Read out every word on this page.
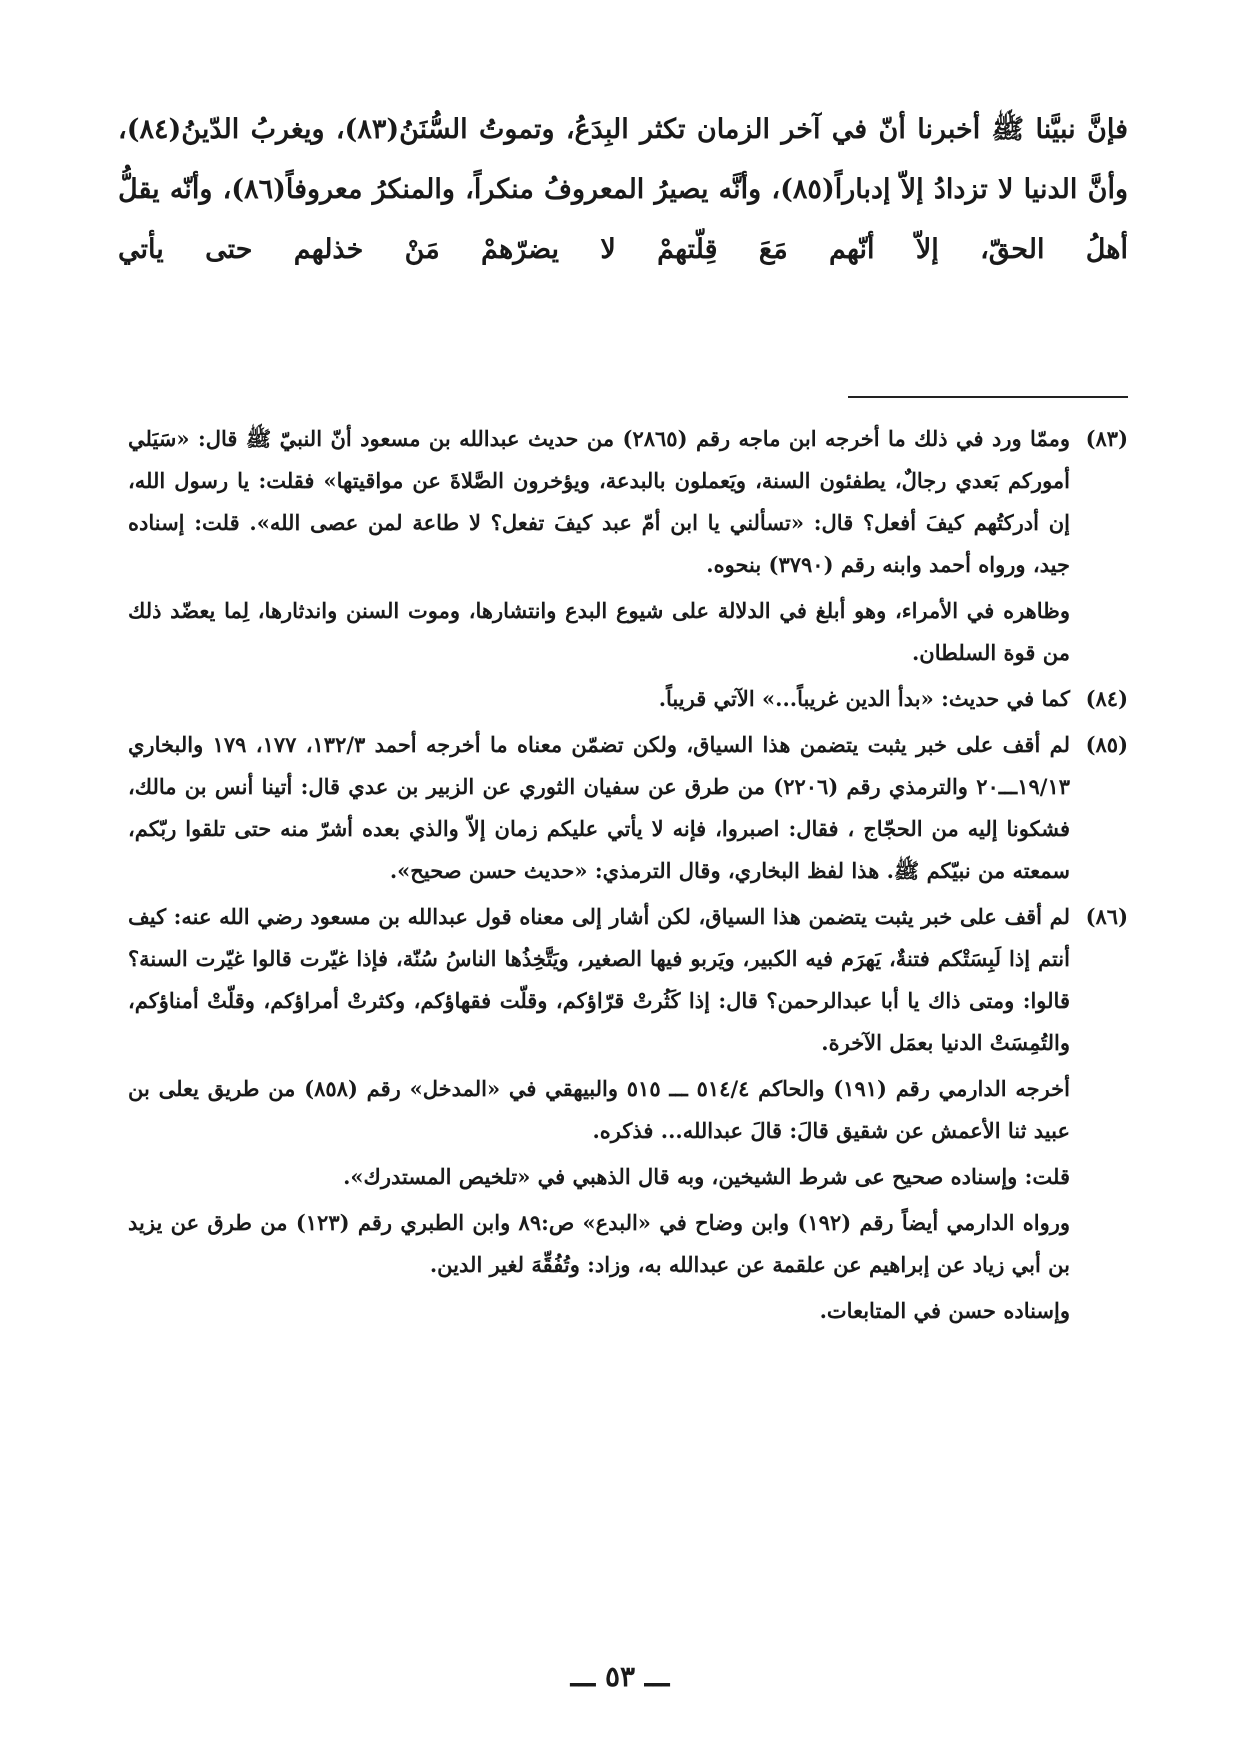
فإنَّ نبيَّنا ﷺ أخبرنا أنّ في آخر الزمان تكثر البِدَعُ، وتموتُ السُّنَنُ(٨٣)، ويغربُ الدّينُ(٨٤)، وأنَّ الدنيا لا تزدادُ إلاّ إدباراً(٨٥)، وأنَّه يصيرُ المعروفُ منكراً، والمنكرُ معروفاً(٨٦)، وأنّه يقلُّ أهلُ الحقّ، إلاّ أنّهم مَعَ قِلّتهمْ لا يضرّهمْ مَنْ خذلهم حتى يأتي

(٨٣)

وممّا ورد في ذلك ما أخرجه ابن ماجه رقم (٢٨٦٥) من حديث عبدالله بن مسعود أنّ النبيّ ﷺ قال: «سَيَلي أموركم بَعدي رجالٌ، يطفئون السنة، ويَعملون بالبدعة، ويؤخرون الصَّلاةَ عن مواقيتها» فقلت: يا رسول الله، إن أدركتُهم كيفَ أفعل؟ قال: «تسألني يا ابن أمّ عبد كيفَ تفعل؟ لا طاعة لمن عصى الله». قلت: إسناده جيد، ورواه أحمد وابنه رقم (٣٧٩٠) بنحوه.

وظاهره في الأمراء، وهو أبلغ في الدلالة على شيوع البدع وانتشارها، وموت السنن واندثارها، لِما يعضّد ذلك من قوة السلطان.

(٨٤)

كما في حديث: «بدأ الدين غريباً...» الآتي قريباً.

(٨٥)

لم أقف على خبر يثبت يتضمن هذا السياق، ولكن تضمّن معناه ما أخرجه أحمد ١٣٢/٣، ١٧٧، ١٧٩ والبخاري ١٩/١٣ـــ٢٠ والترمذي رقم (٢٢٠٦) من طرق عن سفيان الثوري عن الزبير بن عدي قال: أتينا أنس بن مالك، فشكونا إليه من الحجّاج ، فقال: اصبروا، فإنه لا يأتي عليكم زمان إلاّ والذي بعده أشرّ منه حتى تلقوا ربّكم، سمعته من نبيّكم ﷺ. هذا لفظ البخاري، وقال الترمذي: «حديث حسن صحيح».

(٨٦)

لم أقف على خبر يثبت يتضمن هذا السياق، لكن أشار إلى معناه قول عبدالله بن مسعود رضي الله عنه: كيف أنتم إذا لَبِسَتْكم فتنةٌ، يَهرَم فيه الكبير، ويَربو فيها الصغير، ويَتَّخِذُها الناسُ سُنّة، فإذا غيّرت قالوا غيّرت السنة؟ قالوا: ومتى ذاك يا أبا عبدالرحمن؟ قال: إذا كَثُرتْ قرّاؤكم، وقلّت فقهاؤكم، وكثرتْ أمراؤكم، وقلّتْ أمناؤكم، والتُمِسَتْ الدنيا بعمَل الآخرة.

أخرجه الدارمي رقم (١٩١) والحاكم ٥١٤/٤ ـــ ٥١٥ والبيهقي في «المدخل» رقم (٨٥٨) من طريق يعلى بن عبيد ثنا الأعمش عن شقيق قالَ: قالَ عبدالله... فذكره.

قلت: وإسناده صحيح عى شرط الشيخين، وبه قال الذهبي في «تلخيص المستدرك».

ورواه الدارمي أيضاً رقم (١٩٢) وابن وضاح في «البدع» ص:٨٩ وابن الطبري رقم (١٢٣) من طرق عن يزيد بن أبي زياد عن إبراهيم عن علقمة عن عبدالله به، وزاد: وتُفُقِّهَ لغير الدين.

وإسناده حسن في المتابعات.

ـــ ٥٣ ـــ
